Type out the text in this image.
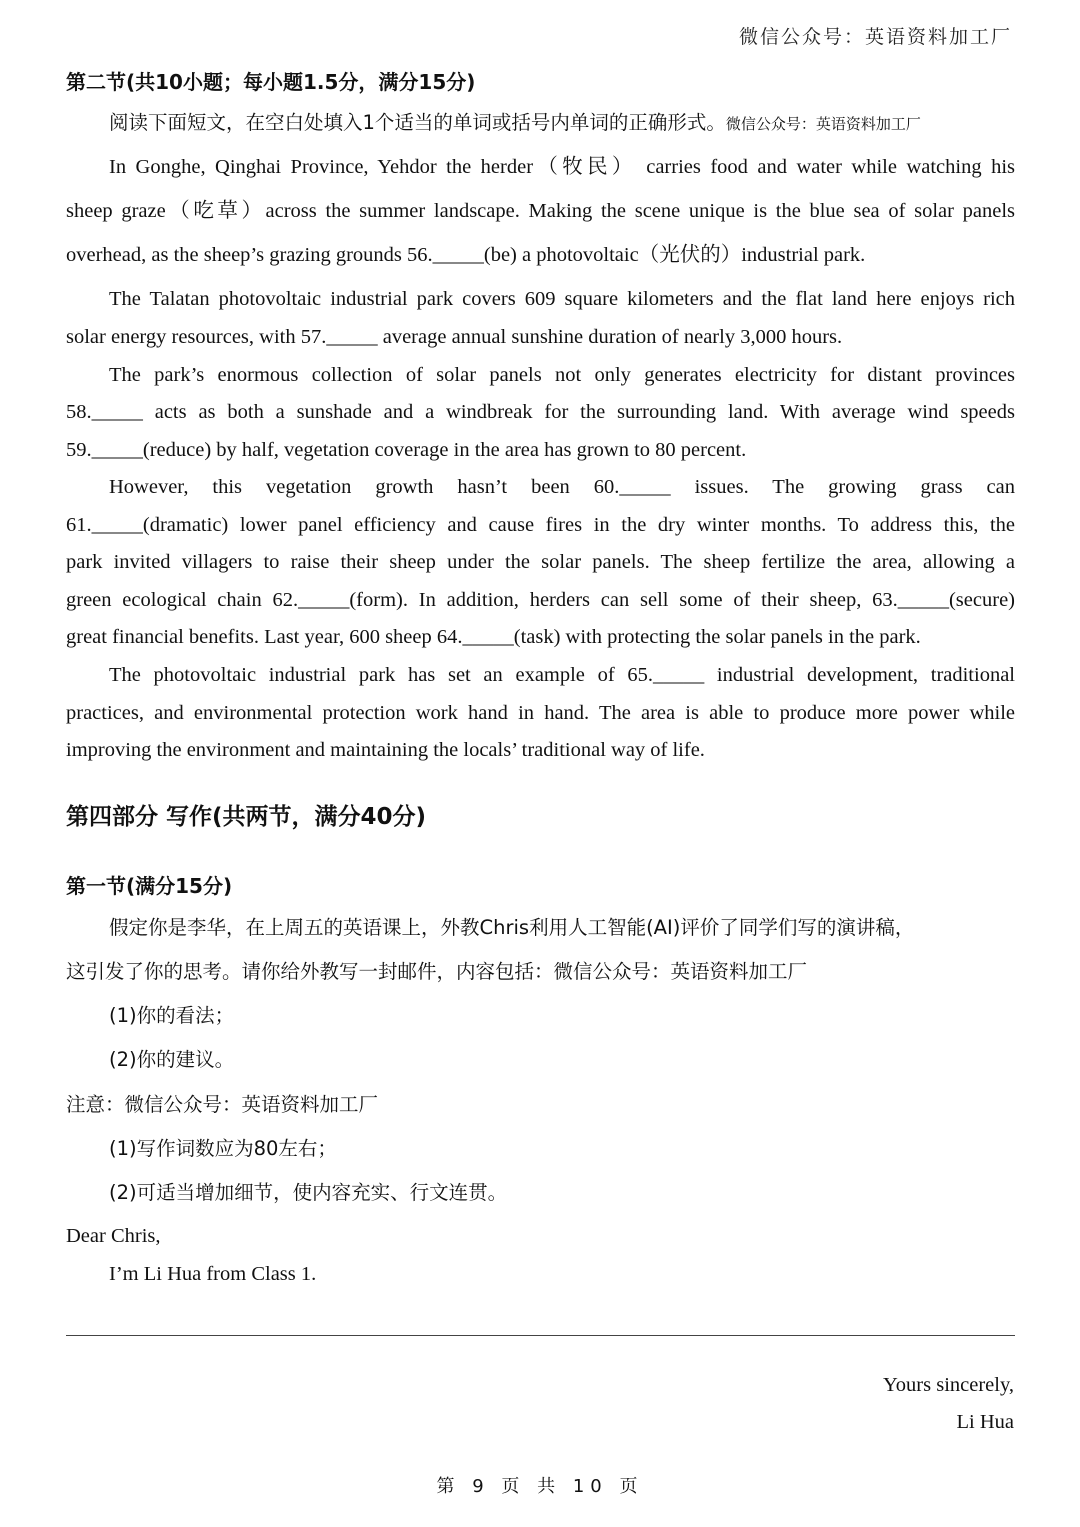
微信公众号：英语资料加工厂
第二节(共10小题；每小题1.5分，满分15分)
阅读下面短文，在空白处填入1个适当的单词或括号内单词的正确形式。微信公众号：英语资料加工厂
In Gonghe, Qinghai Province, Yehdor the herder（牧民） carries food and water while watching his
sheep graze（吃草）across the summer landscape. Making the scene unique is the blue sea of solar panels
overhead, as the sheep’s grazing grounds 56._____(be) a photovoltaic（光伏的）industrial park.
The Talatan photovoltaic industrial park covers 609 square kilometers and the flat land here enjoys rich
solar energy resources, with 57._____ average annual sunshine duration of nearly 3,000 hours.
The park’s enormous collection of solar panels not only generates electricity for distant provinces
58._____ acts as both a sunshade and a windbreak for the surrounding land. With average wind speeds
59._____(reduce) by half, vegetation coverage in the area has grown to 80 percent.
However, this vegetation growth hasn’t been 60._____ issues. The growing grass can
61._____(dramatic) lower panel efficiency and cause fires in the dry winter months. To address this, the
park invited villagers to raise their sheep under the solar panels. The sheep fertilize the area, allowing a
green ecological chain 62._____(form). In addition, herders can sell some of their sheep, 63._____(secure)
great financial benefits. Last year, 600 sheep 64._____(task) with protecting the solar panels in the park.
The photovoltaic industrial park has set an example of 65._____ industrial development, traditional
practices, and environmental protection work hand in hand. The area is able to produce more power while
improving the environment and maintaining the locals’ traditional way of life.
第四部分 写作(共两节，满分40分)
第一节(满分15分)
假定你是李华，在上周五的英语课上，外教Chris利用人工智能(AI)评价了同学们写的演讲稿，
这引发了你的思考。请你给外教写一封邮件，内容包括：微信公众号：英语资料加工厂
(1)你的看法；
(2)你的建议。
注意：微信公众号：英语资料加工厂
(1)写作词数应为80左右；
(2)可适当增加细节，使内容充实、行文连贯。
Dear Chris,
I’m Li Hua from Class 1.
Yours sincerely,
Li Hua
第 9 页 共 10 页
